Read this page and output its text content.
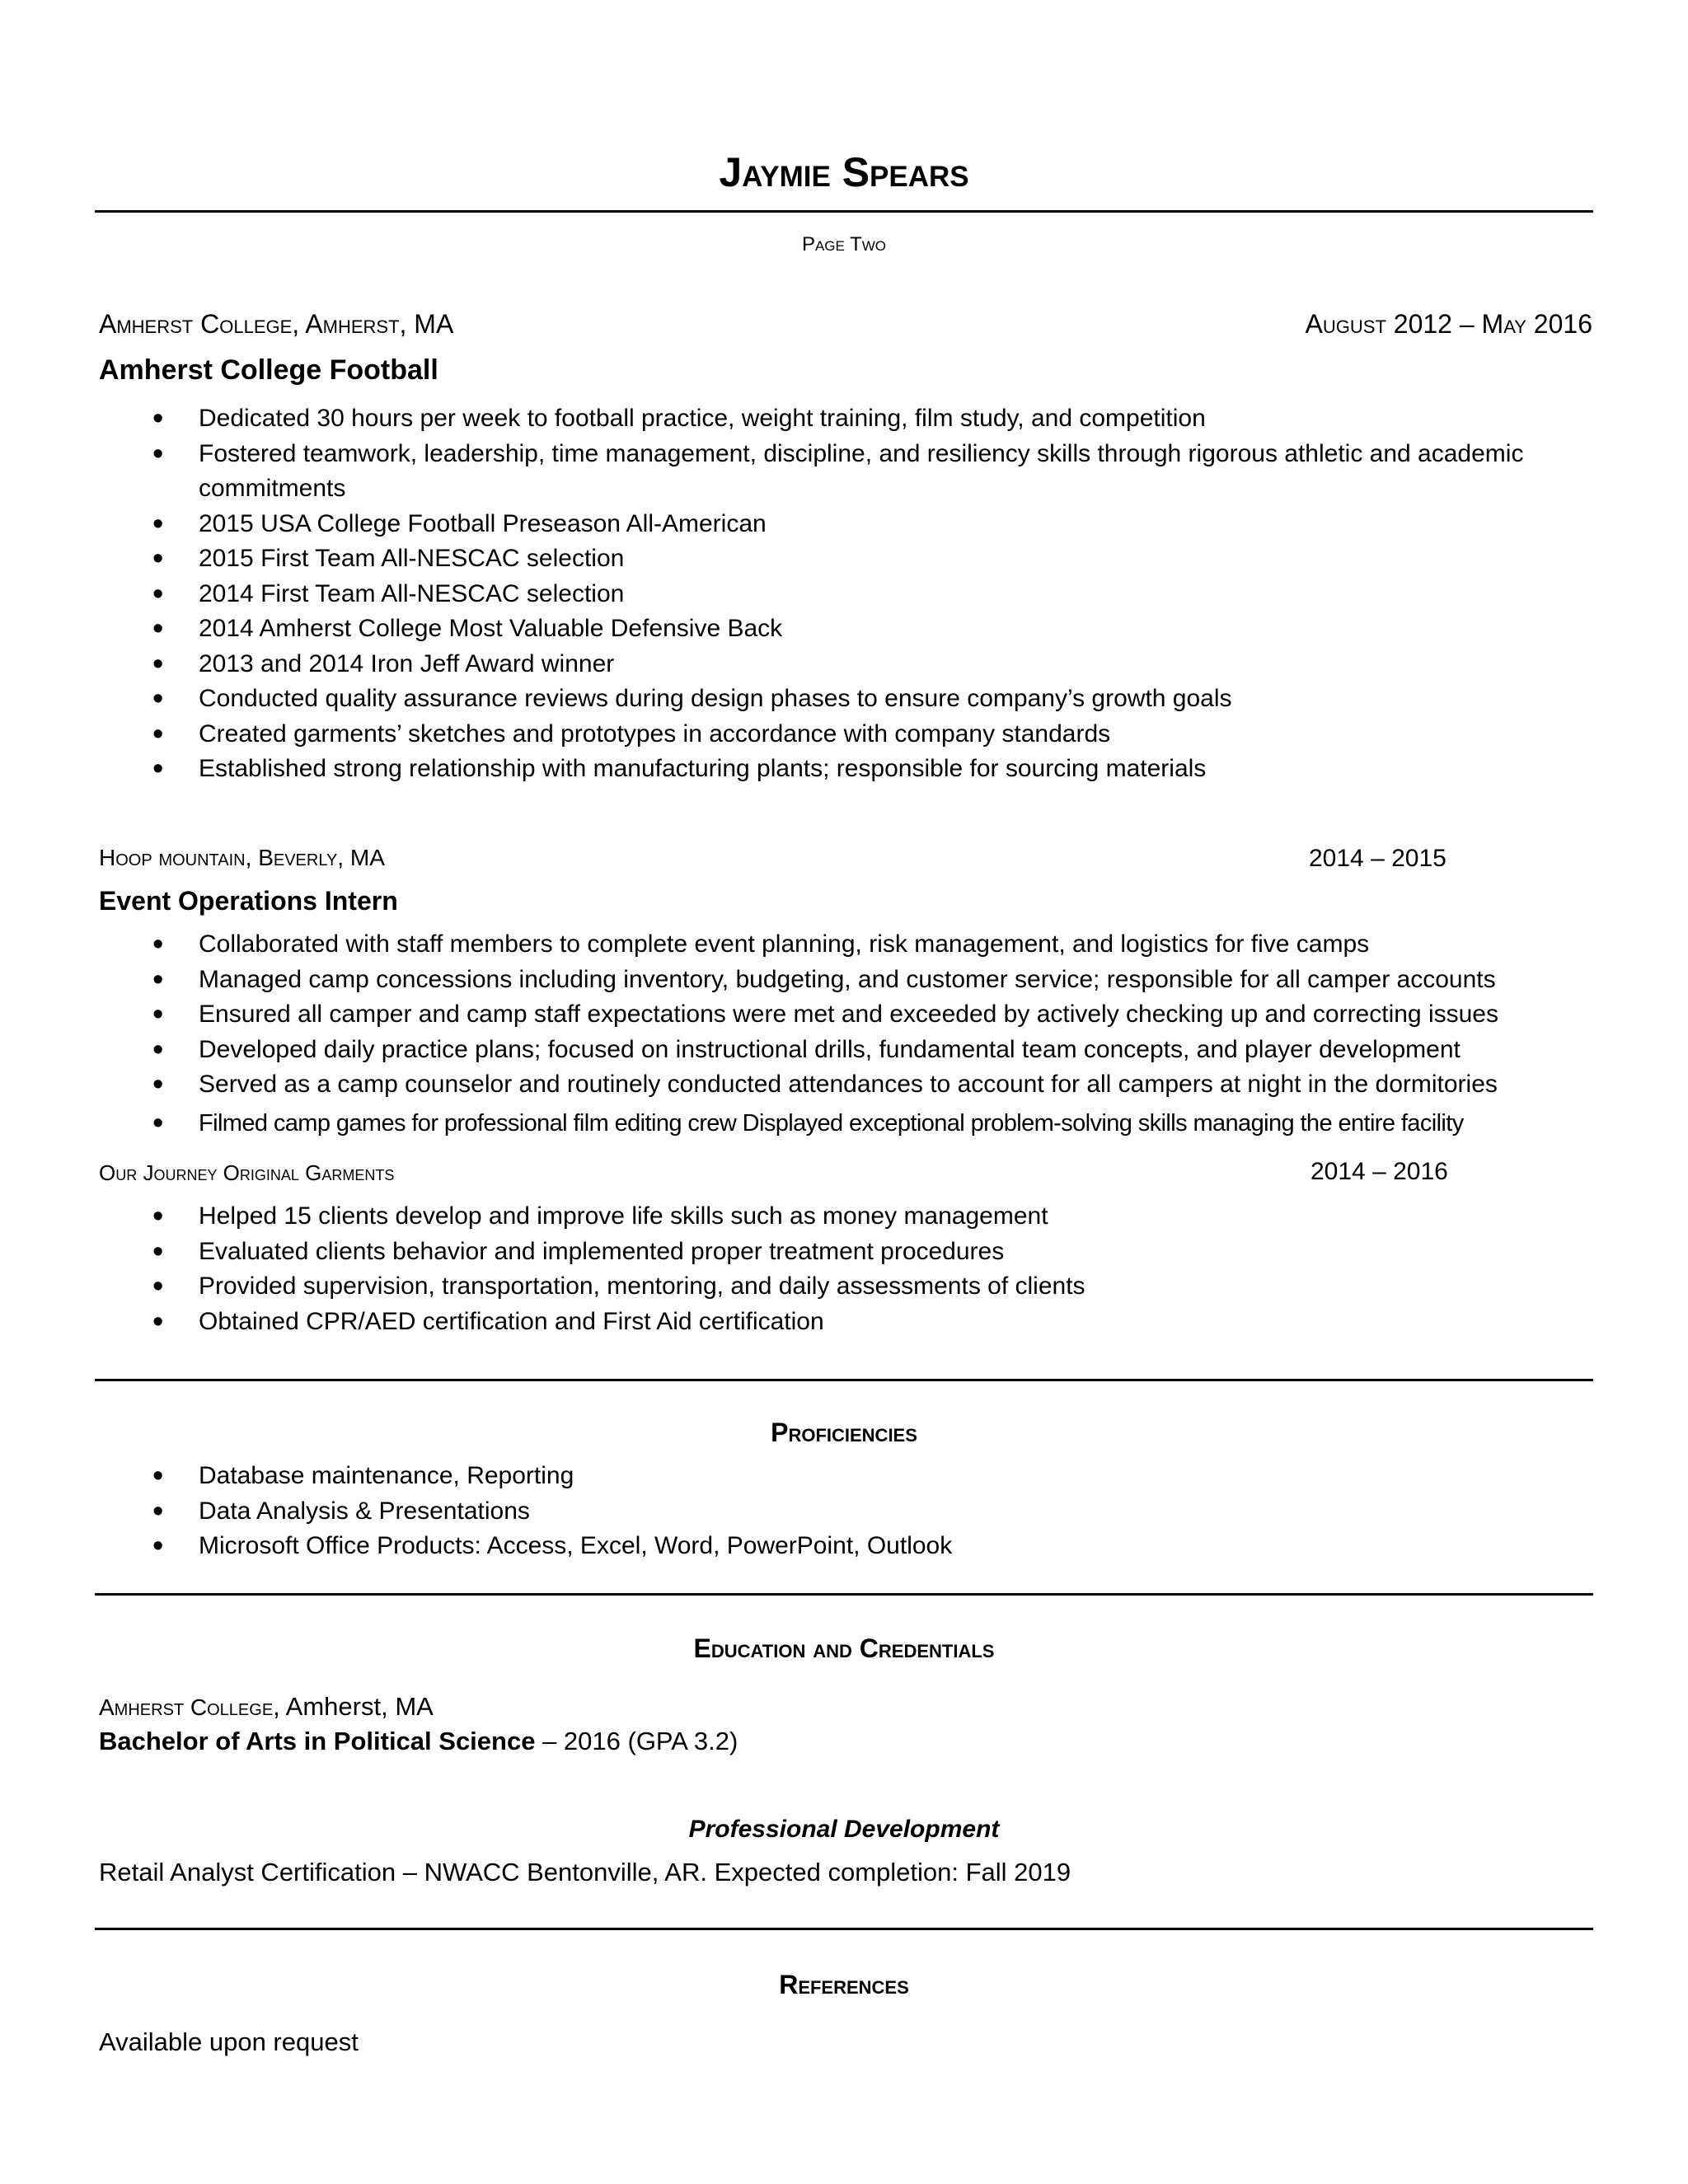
Jaymie Spears
Page Two
Amherst College, Amherst, MA	August 2012 – May 2016
Amherst College Football
• Dedicated 30 hours per week to football practice, weight training, film study, and competition
• Fostered teamwork, leadership, time management, discipline, and resiliency skills through rigorous athletic and academic commitments
• 2015 USA College Football Preseason All-American
• 2015 First Team All-NESCAC selection
• 2014 First Team All-NESCAC selection
• 2014 Amherst College Most Valuable Defensive Back
• 2013 and 2014 Iron Jeff Award winner
• Conducted quality assurance reviews during design phases to ensure company’s growth goals
• Created garments’ sketches and prototypes in accordance with company standards
• Established strong relationship with manufacturing plants; responsible for sourcing materials
Hoop mountain, Beverly, MA	2014 – 2015
Event Operations Intern
• Collaborated with staff members to complete event planning, risk management, and logistics for five camps
• Managed camp concessions including inventory, budgeting, and customer service; responsible for all camper accounts
• Ensured all camper and camp staff expectations were met and exceeded by actively checking up and correcting issues
• Developed daily practice plans; focused on instructional drills, fundamental team concepts, and player development
• Served as a camp counselor and routinely conducted attendances to account for all campers at night in the dormitories
• Filmed camp games for professional film editing crew Displayed exceptional problem-solving skills managing the entire facility
Our Journey Original Garments	2014 – 2016
• Helped 15 clients develop and improve life skills such as money management
• Evaluated clients behavior and implemented proper treatment procedures
• Provided supervision, transportation, mentoring, and daily assessments of clients
• Obtained CPR/AED certification and First Aid certification
Proficiencies
• Database maintenance, Reporting
• Data Analysis & Presentations
• Microsoft Office Products: Access, Excel, Word, PowerPoint, Outlook
Education and Credentials
Amherst College, Amherst, MA
Bachelor of Arts in Political Science – 2016 (GPA 3.2)
Professional Development
Retail Analyst Certification – NWACC Bentonville, AR. Expected completion: Fall 2019
References
Available upon request
